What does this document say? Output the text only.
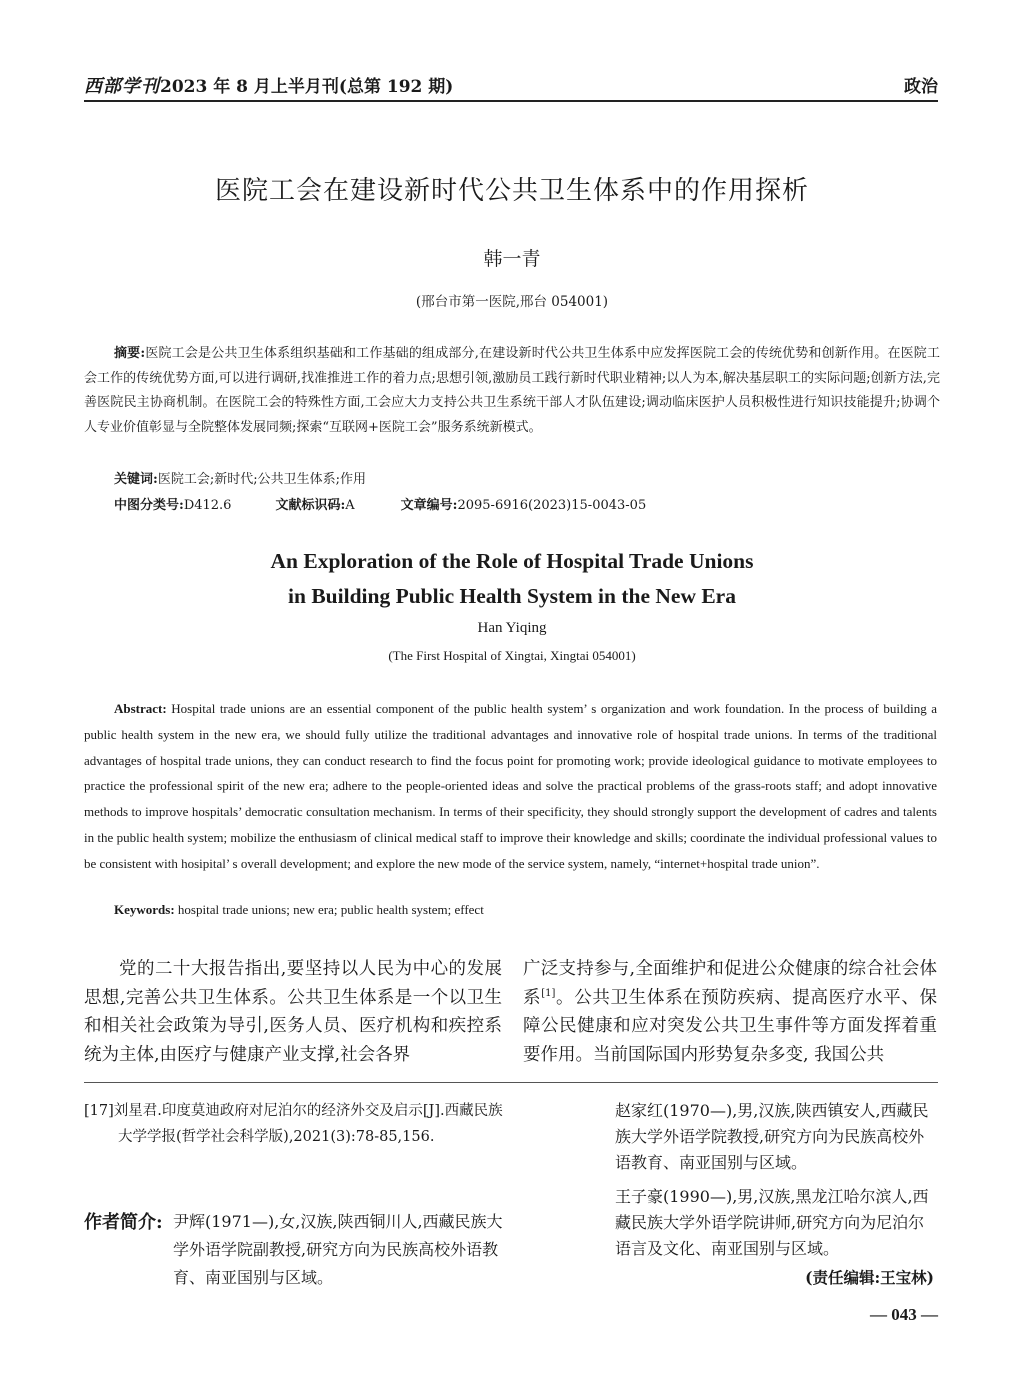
西部学刊2023 年 8 月上半月刊(总第 192 期)	政治
医院工会在建设新时代公共卫生体系中的作用探析
韩一青
(邢台市第一医院,邢台 054001)
摘要:医院工会是公共卫生体系组织基础和工作基础的组成部分,在建设新时代公共卫生体系中应发挥医院工会的传统优势和创新作用。在医院工会工作的传统优势方面,可以进行调研,找准推进工作的着力点;思想引领,激励员工践行新时代职业精神;以人为本,解决基层职工的实际问题;创新方法,完善医院民主协商机制。在医院工会的特殊性方面,工会应大力支持公共卫生系统干部人才队伍建设;调动临床医护人员积极性进行知识技能提升;协调个人专业价值彰显与全院整体发展同频;探索“互联网+医院工会”服务系统新模式。
关键词:医院工会;新时代;公共卫生体系;作用
中图分类号:D412.6	文献标识码:A	文章编号:2095-6916(2023)15-0043-05
An Exploration of the Role of Hospital Trade Unions
in Building Public Health System in the New Era
Han Yiqing
(The First Hospital of Xingtai, Xingtai 054001)
Abstract: Hospital trade unions are an essential component of the public health system’ s organization and work foundation. In the process of building a public health system in the new era, we should fully utilize the traditional advantages and innovative role of hospital trade unions. In terms of the traditional advantages of hospital trade unions, they can conduct research to find the focus point for promoting work; provide ideological guidance to motivate employees to practice the professional spirit of the new era; adhere to the people-oriented ideas and solve the practical problems of the grass-roots staff; and adopt innovative methods to improve hospitals’ democratic consultation mechanism. In terms of their specificity, they should strongly support the development of cadres and talents in the public health system; mobilize the enthusiasm of clinical medical staff to improve their knowledge and skills; coordinate the individual professional values to be consistent with hosipital’ s overall development; and explore the new mode of the service system, namely, “internet+hospital trade union”.
Keywords: hospital trade unions; new era; public health system; effect
党的二十大报告指出,要坚持以人民为中心的发展思想,完善公共卫生体系。公共卫生体系是一个以卫生和相关社会政策为导引,医务人员、医疗机构和疾控系统为主体,由医疗与健康产业支撑,社会各界
广泛支持参与,全面维护和促进公众健康的综合社会体系[1]。公共卫生体系在预防疾病、提高医疗水平、保障公民健康和应对突发公共卫生事件等方面发挥着重要作用。当前国际国内形势复杂多变, 我国公共
[17]刘星君.印度莫迪政府对尼泊尔的经济外交及启示[J].西藏民族大学学报(哲学社会科学版),2021(3):78-85,156.
作者简介: 尹辉(1971—),女,汉族,陕西铜川人,西藏民族大学外语学院副教授,研究方向为民族高校外语教育、南亚国别与区域。
赵家红(1970—),男,汉族,陕西镇安人,西藏民族大学外语学院教授,研究方向为民族高校外语教育、南亚国别与区域。
王子豪(1990—),男,汉族,黑龙江哈尔滨人,西藏民族大学外语学院讲师,研究方向为尼泊尔语言及文化、南亚国别与区域。
(责任编辑:王宝林)
— 043 —
